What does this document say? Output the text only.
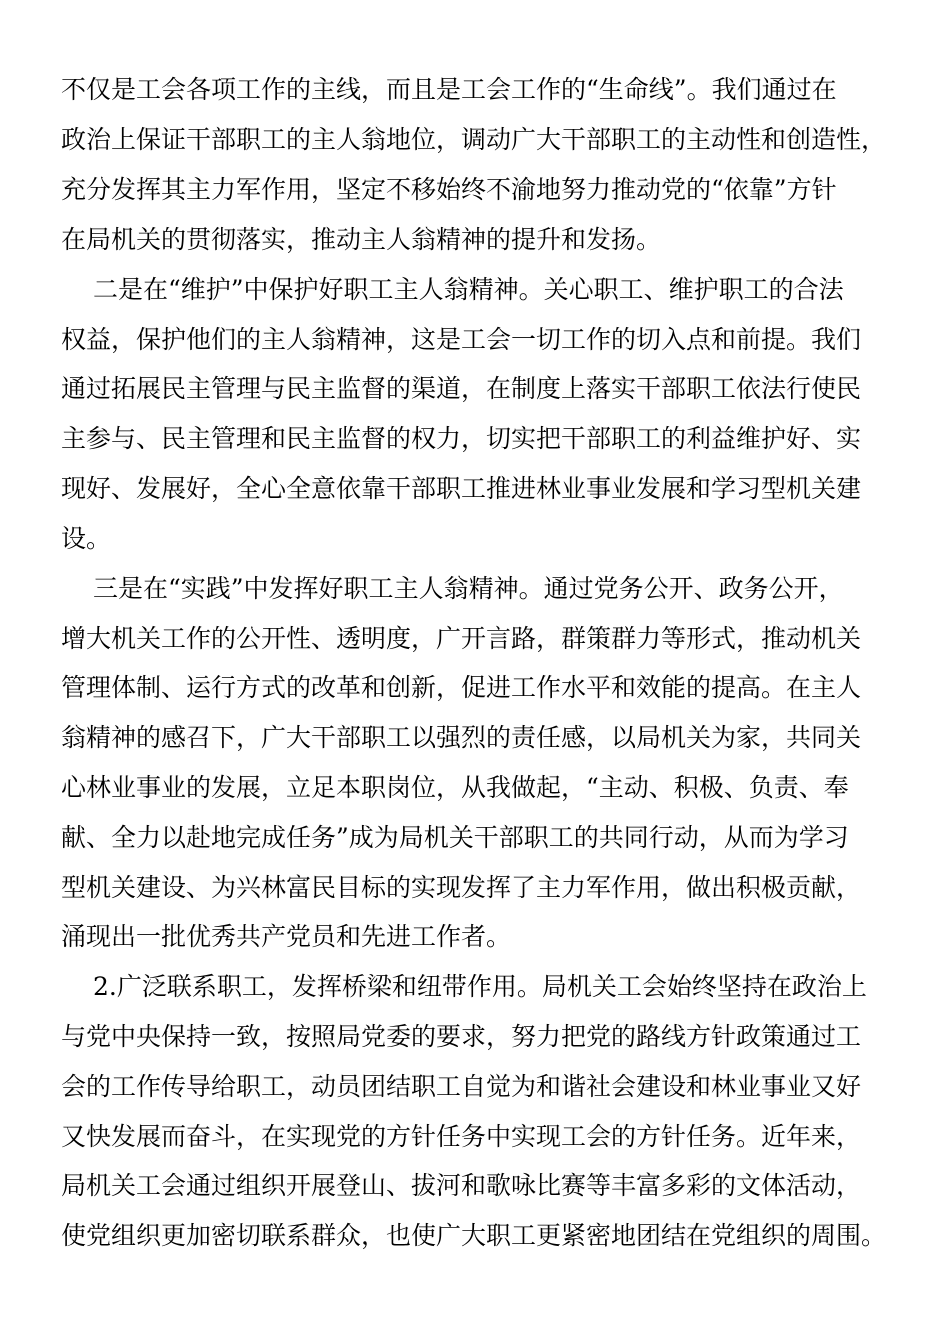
不仅是工会各项工作的主线，而且是工会工作的“生命线”。我们通过在
政治上保证干部职工的主人翁地位，调动广大干部职工的主动性和创造性，
充分发挥其主力军作用，坚定不移始终不渝地努力推动党的“依靠”方针
在局机关的贯彻落实，推动主人翁精神的提升和发扬。
二是在“维护”中保护好职工主人翁精神。关心职工、维护职工的合法
权益，保护他们的主人翁精神，这是工会一切工作的切入点和前提。我们
通过拓展民主管理与民主监督的渠道，在制度上落实干部职工依法行使民
主参与、民主管理和民主监督的权力，切实把干部职工的利益维护好、实
现好、发展好，全心全意依靠干部职工推进林业事业发展和学习型机关建
设。
三是在“实践”中发挥好职工主人翁精神。通过党务公开、政务公开，
增大机关工作的公开性、透明度，广开言路，群策群力等形式，推动机关
管理体制、运行方式的改革和创新，促进工作水平和效能的提高。在主人
翁精神的感召下，广大干部职工以强烈的责任感，以局机关为家，共同关
心林业事业的发展，立足本职岗位，从我做起，“主动、积极、负责、奉
献、全力以赴地完成任务”成为局机关干部职工的共同行动，从而为学习
型机关建设、为兴林富民目标的实现发挥了主力军作用，做出积极贡献，
涌现出一批优秀共产党员和先进工作者。
2.广泛联系职工，发挥桥梁和纽带作用。局机关工会始终坚持在政治上
与党中央保持一致，按照局党委的要求，努力把党的路线方针政策通过工
会的工作传导给职工，动员团结职工自觉为和谐社会建设和林业事业又好
又快发展而奋斗，在实现党的方针任务中实现工会的方针任务。近年来，
局机关工会通过组织开展登山、拔河和歌咏比赛等丰富多彩的文体活动，
使党组织更加密切联系群众，也使广大职工更紧密地团结在党组织的周围。
